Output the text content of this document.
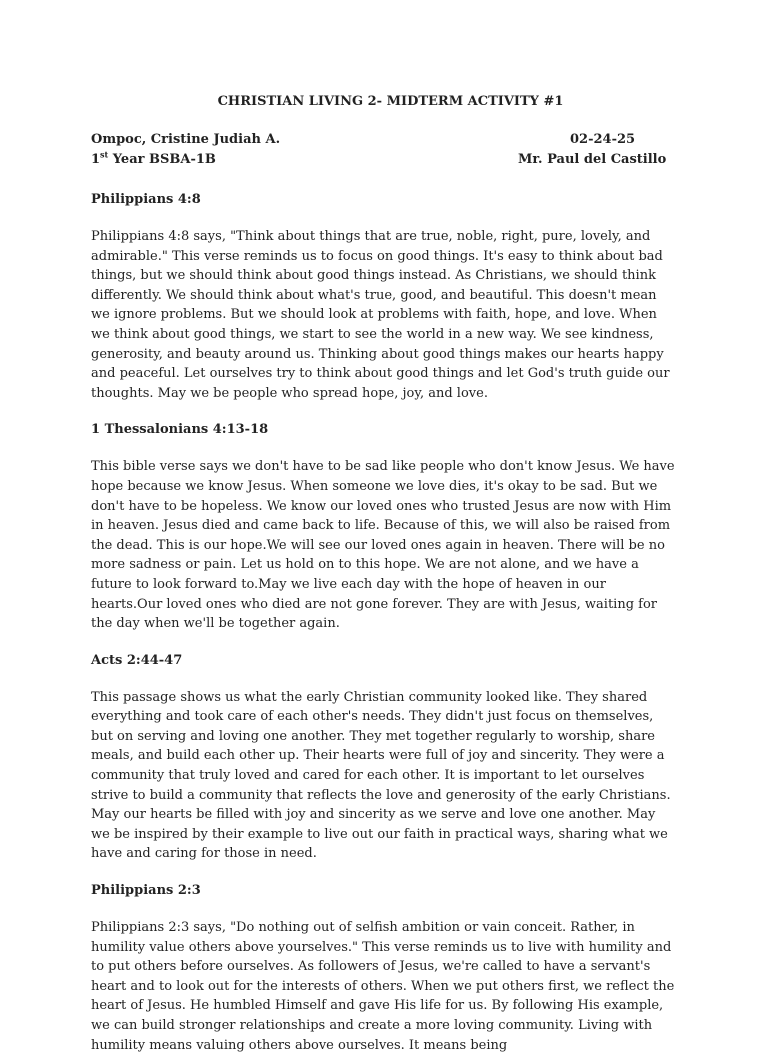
CHRISTIAN LIVING 2- MIDTERM ACTIVITY #1
Ompoc, Cristine Judiah A.	02-24-25
1st Year BSBA-1B	Mr. Paul del Castillo
Philippians 4:8
Philippians 4:8 says, "Think about things that are true, noble, right, pure, lovely, and admirable." This verse reminds us to focus on good things. It's easy to think about bad things, but we should think about good things instead. As Christians, we should think differently. We should think about what's true, good, and beautiful. This doesn't mean we ignore problems. But we should look at problems with faith, hope, and love. When we think about good things, we start to see the world in a new way. We see kindness, generosity, and beauty around us. Thinking about good things makes our hearts happy and peaceful. Let ourselves try to think about good things and let God's truth guide our thoughts. May we be people who spread hope, joy, and love.
1 Thessalonians 4:13-18
This bible verse says we don't have to be sad like people who don't know Jesus. We have hope because we know Jesus. When someone we love dies, it's okay to be sad. But we don't have to be hopeless. We know our loved ones who trusted Jesus are now with Him in heaven. Jesus died and came back to life. Because of this, we will also be raised from the dead. This is our hope.We will see our loved ones again in heaven. There will be no more sadness or pain. Let us hold on to this hope. We are not alone, and we have a future to look forward to.May we live each day with the hope of heaven in our hearts.Our loved ones who died are not gone forever. They are with Jesus, waiting for the day when we'll be together again.
Acts 2:44-47
This passage shows us what the early Christian community looked like. They shared everything and took care of each other's needs. They didn't just focus on themselves, but on serving and loving one another. They met together regularly to worship, share meals, and build each other up. Their hearts were full of joy and sincerity. They were a community that truly loved and cared for each other. It is important to let ourselves strive to build a community that reflects the love and generosity of the early Christians. May our hearts be filled with joy and sincerity as we serve and love one another. May we be inspired by their example to live out our faith in practical ways, sharing what we have and caring for those in need.
Philippians 2:3
Philippians 2:3 says, "Do nothing out of selfish ambition or vain conceit. Rather, in humility value others above yourselves." This verse reminds us to live with humility and to put others before ourselves. As followers of Jesus, we're called to have a servant's heart and to look out for the interests of others. When we put others first, we reflect the heart of Jesus. He humbled Himself and gave His life for us. By following His example, we can build stronger relationships and create a more loving community. Living with humility means valuing others above ourselves. It means being
